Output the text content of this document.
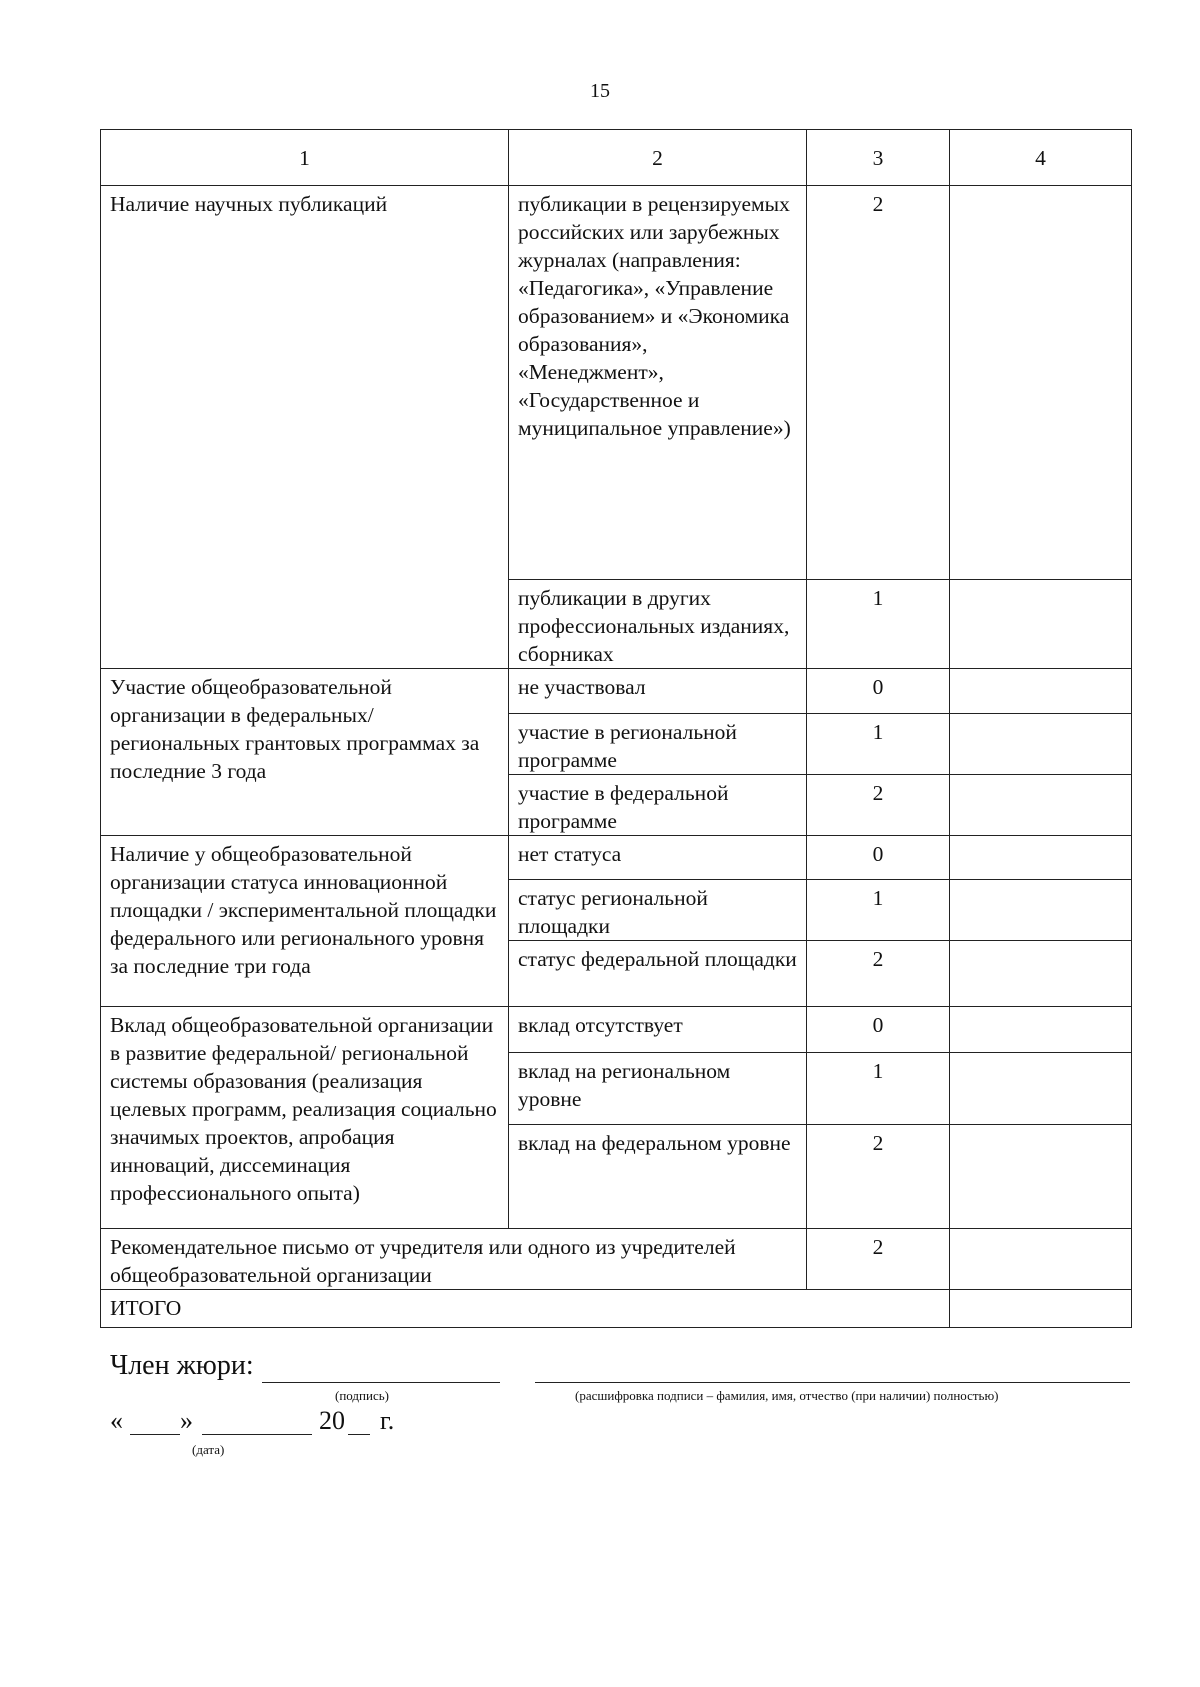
15
1	2	3	4
Наличие научных публикаций	публикации в рецензируемых российских или зарубежных журналах (направления: «Педагогика», «Управление образованием» и «Экономика образования», «Менеджмент», «Государственное и муниципальное управление»)	2	
	публикации в других профессиональных изданиях, сборниках	1	
Участие общеобразовательной организации в федеральных/ региональных грантовых программах за последние 3 года	не участвовал	0	
	участие в региональной программе	1	
	участие в федеральной программе	2	
Наличие у общеобразовательной организации статуса инновационной площадки / экспериментальной площадки федерального или регионального уровня за последние три года	нет статуса	0	
	статус региональной площадки	1	
	статус федеральной площадки	2	
Вклад общеобразовательной организации в развитие федеральной/ региональной системы образования (реализация целевых программ, реализация социально значимых проектов, апробация инноваций, диссеминация профессионального опыта)	вклад отсутствует	0	
	вклад на региональном уровне	1	
	вклад на федеральном уровне	2	
Рекомендательное письмо от учредителя или одного из учредителей общеобразовательной организации		2	
ИТОГО			
Член жюри:
(подпись)	(расшифровка подписи – фамилия, имя, отчество (при наличии) полностью)
« »	20 г.
(дата)
